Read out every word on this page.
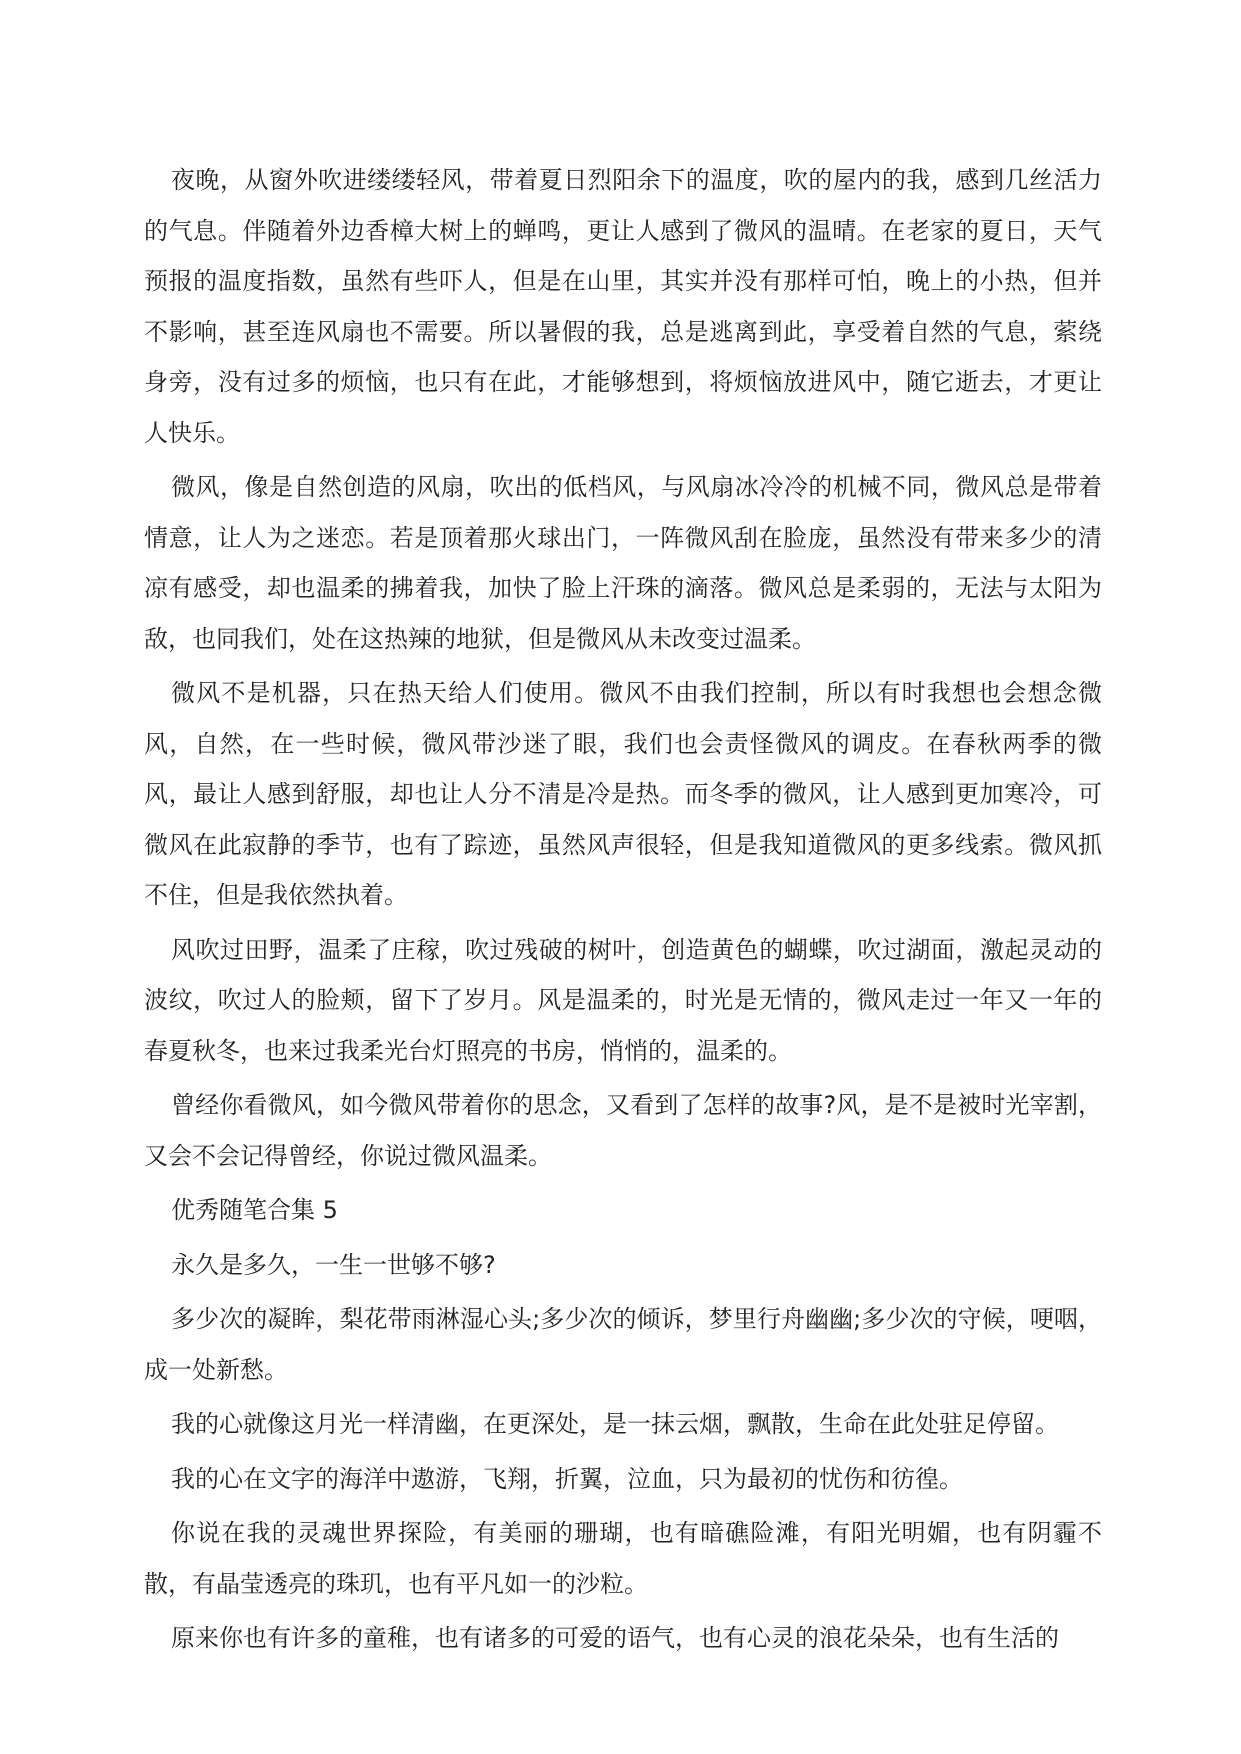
夜晚，从窗外吹进缕缕轻风，带着夏日烈阳余下的温度，吹的屋内的我，感到几丝活力的气息。伴随着外边香樟大树上的蝉鸣，更让人感到了微风的温晴。在老家的夏日，天气预报的温度指数，虽然有些吓人，但是在山里，其实并没有那样可怕，晚上的小热，但并不影响，甚至连风扇也不需要。所以暑假的我，总是逃离到此，享受着自然的气息，萦绕身旁，没有过多的烦恼，也只有在此，才能够想到，将烦恼放进风中，随它逝去，才更让人快乐。

微风，像是自然创造的风扇，吹出的低档风，与风扇冰冷冷的机械不同，微风总是带着情意，让人为之迷恋。若是顶着那火球出门，一阵微风刮在脸庞，虽然没有带来多少的清凉有感受，却也温柔的拂着我，加快了脸上汗珠的滴落。微风总是柔弱的，无法与太阳为敌，也同我们，处在这热辣的地狱，但是微风从未改变过温柔。

微风不是机器，只在热天给人们使用。微风不由我们控制，所以有时我想也会想念微风，自然，在一些时候，微风带沙迷了眼，我们也会责怪微风的调皮。在春秋两季的微风，最让人感到舒服，却也让人分不清是冷是热。而冬季的微风，让人感到更加寒冷，可微风在此寂静的季节，也有了踪迹，虽然风声很轻，但是我知道微风的更多线索。微风抓不住，但是我依然执着。

风吹过田野，温柔了庄稼，吹过残破的树叶，创造黄色的蝴蝶，吹过湖面，激起灵动的波纹，吹过人的脸颊，留下了岁月。风是温柔的，时光是无情的，微风走过一年又一年的春夏秋冬，也来过我柔光台灯照亮的书房，悄悄的，温柔的。

曾经你看微风，如今微风带着你的思念，又看到了怎样的故事?风，是不是被时光宰割，又会不会记得曾经，你说过微风温柔。

优秀随笔合集 5

永久是多久，一生一世够不够?

多少次的凝眸，梨花带雨淋湿心头;多少次的倾诉，梦里行舟幽幽;多少次的守候，哽咽，成一处新愁。

我的心就像这月光一样清幽，在更深处，是一抹云烟，飘散，生命在此处驻足停留。

我的心在文字的海洋中遨游，飞翔，折翼，泣血，只为最初的忧伤和彷徨。

你说在我的灵魂世界探险，有美丽的珊瑚，也有暗礁险滩，有阳光明媚，也有阴霾不散，有晶莹透亮的珠玑，也有平凡如一的沙粒。

原来你也有许多的童稚，也有诸多的可爱的语气，也有心灵的浪花朵朵，也有生活的
